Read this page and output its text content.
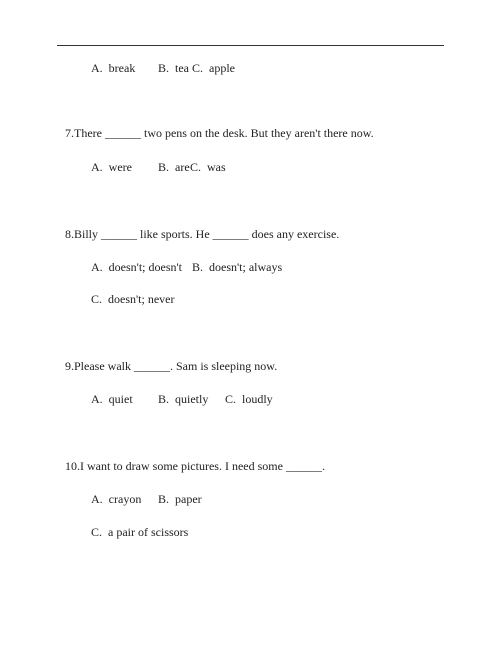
A.  break B.  tea C.  apple
7.There ______ two pens on the desk. But they aren't there now.
A.  were B.  are C.  was
8.Billy ______ like sports. He ______ does any exercise.
A.  doesn't; doesn't B.  doesn't; always
C.  doesn't; never
9.Please walk ______. Sam is sleeping now.
A.  quiet B.  quietly C.  loudly
10.I want to draw some pictures. I need some ______.
A.  crayon B.  paper
C.  a pair of scissors
